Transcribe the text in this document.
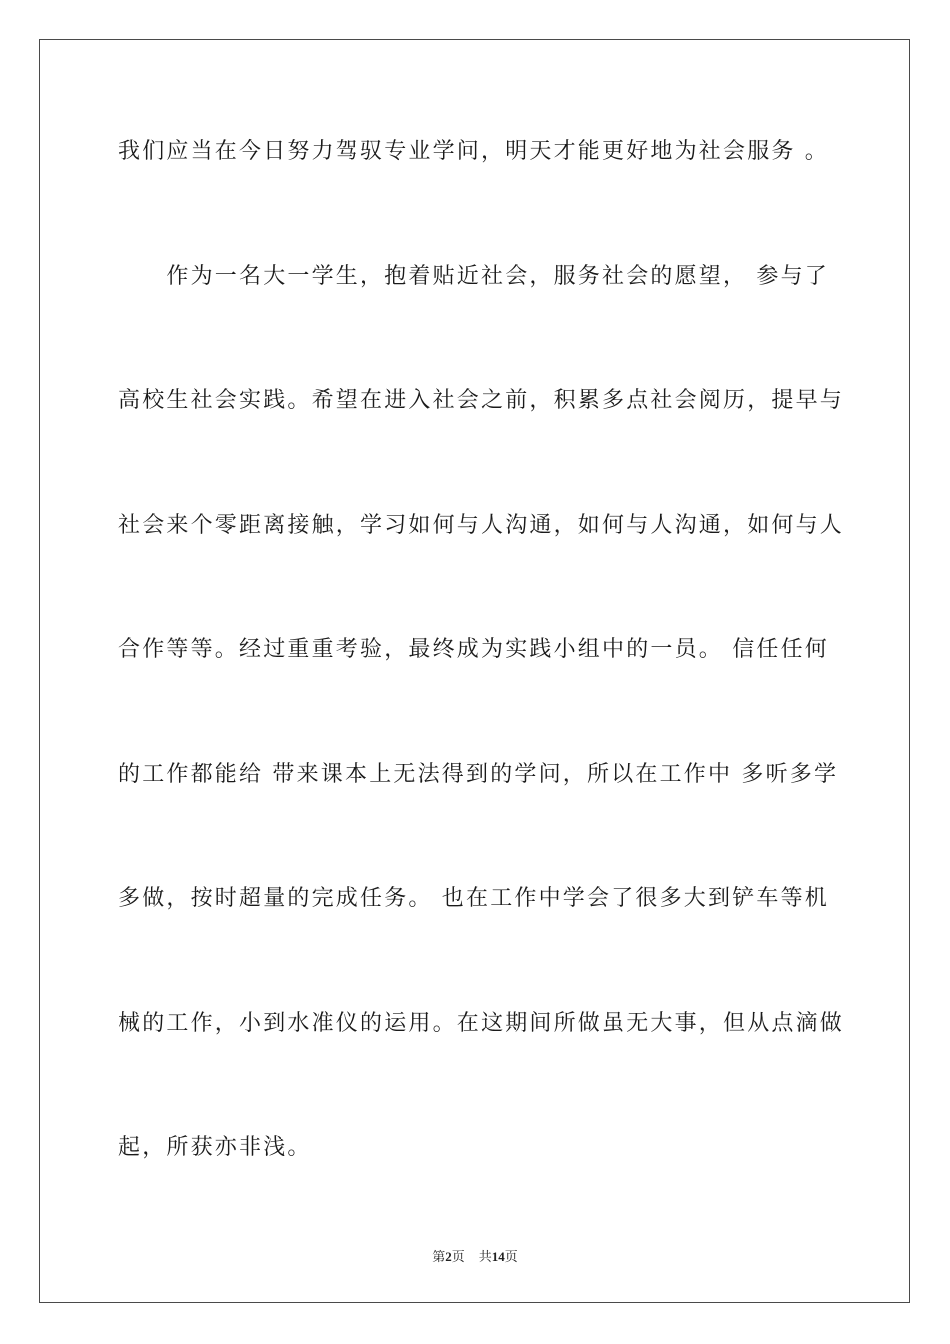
我们应当在今日努力驾驭专业学问，明天才能更好地为社会服务 。
　　作为一名大一学生，抱着贴近社会，服务社会的愿望， 参与了
高校生社会实践。希望在进入社会之前，积累多点社会阅历，提早与
社会来个零距离接触，学习如何与人沟通，如何与人沟通，如何与人
合作等等。经过重重考验，最终成为实践小组中的一员。 信任任何
的工作都能给 带来课本上无法得到的学问，所以在工作中 多听多学
多做，按时超量的完成任务。 也在工作中学会了很多大到铲车等机
械的工作，小到水准仪的运用。在这期间所做虽无大事，但从点滴做
起，所获亦非浅。
第2页 共14页
